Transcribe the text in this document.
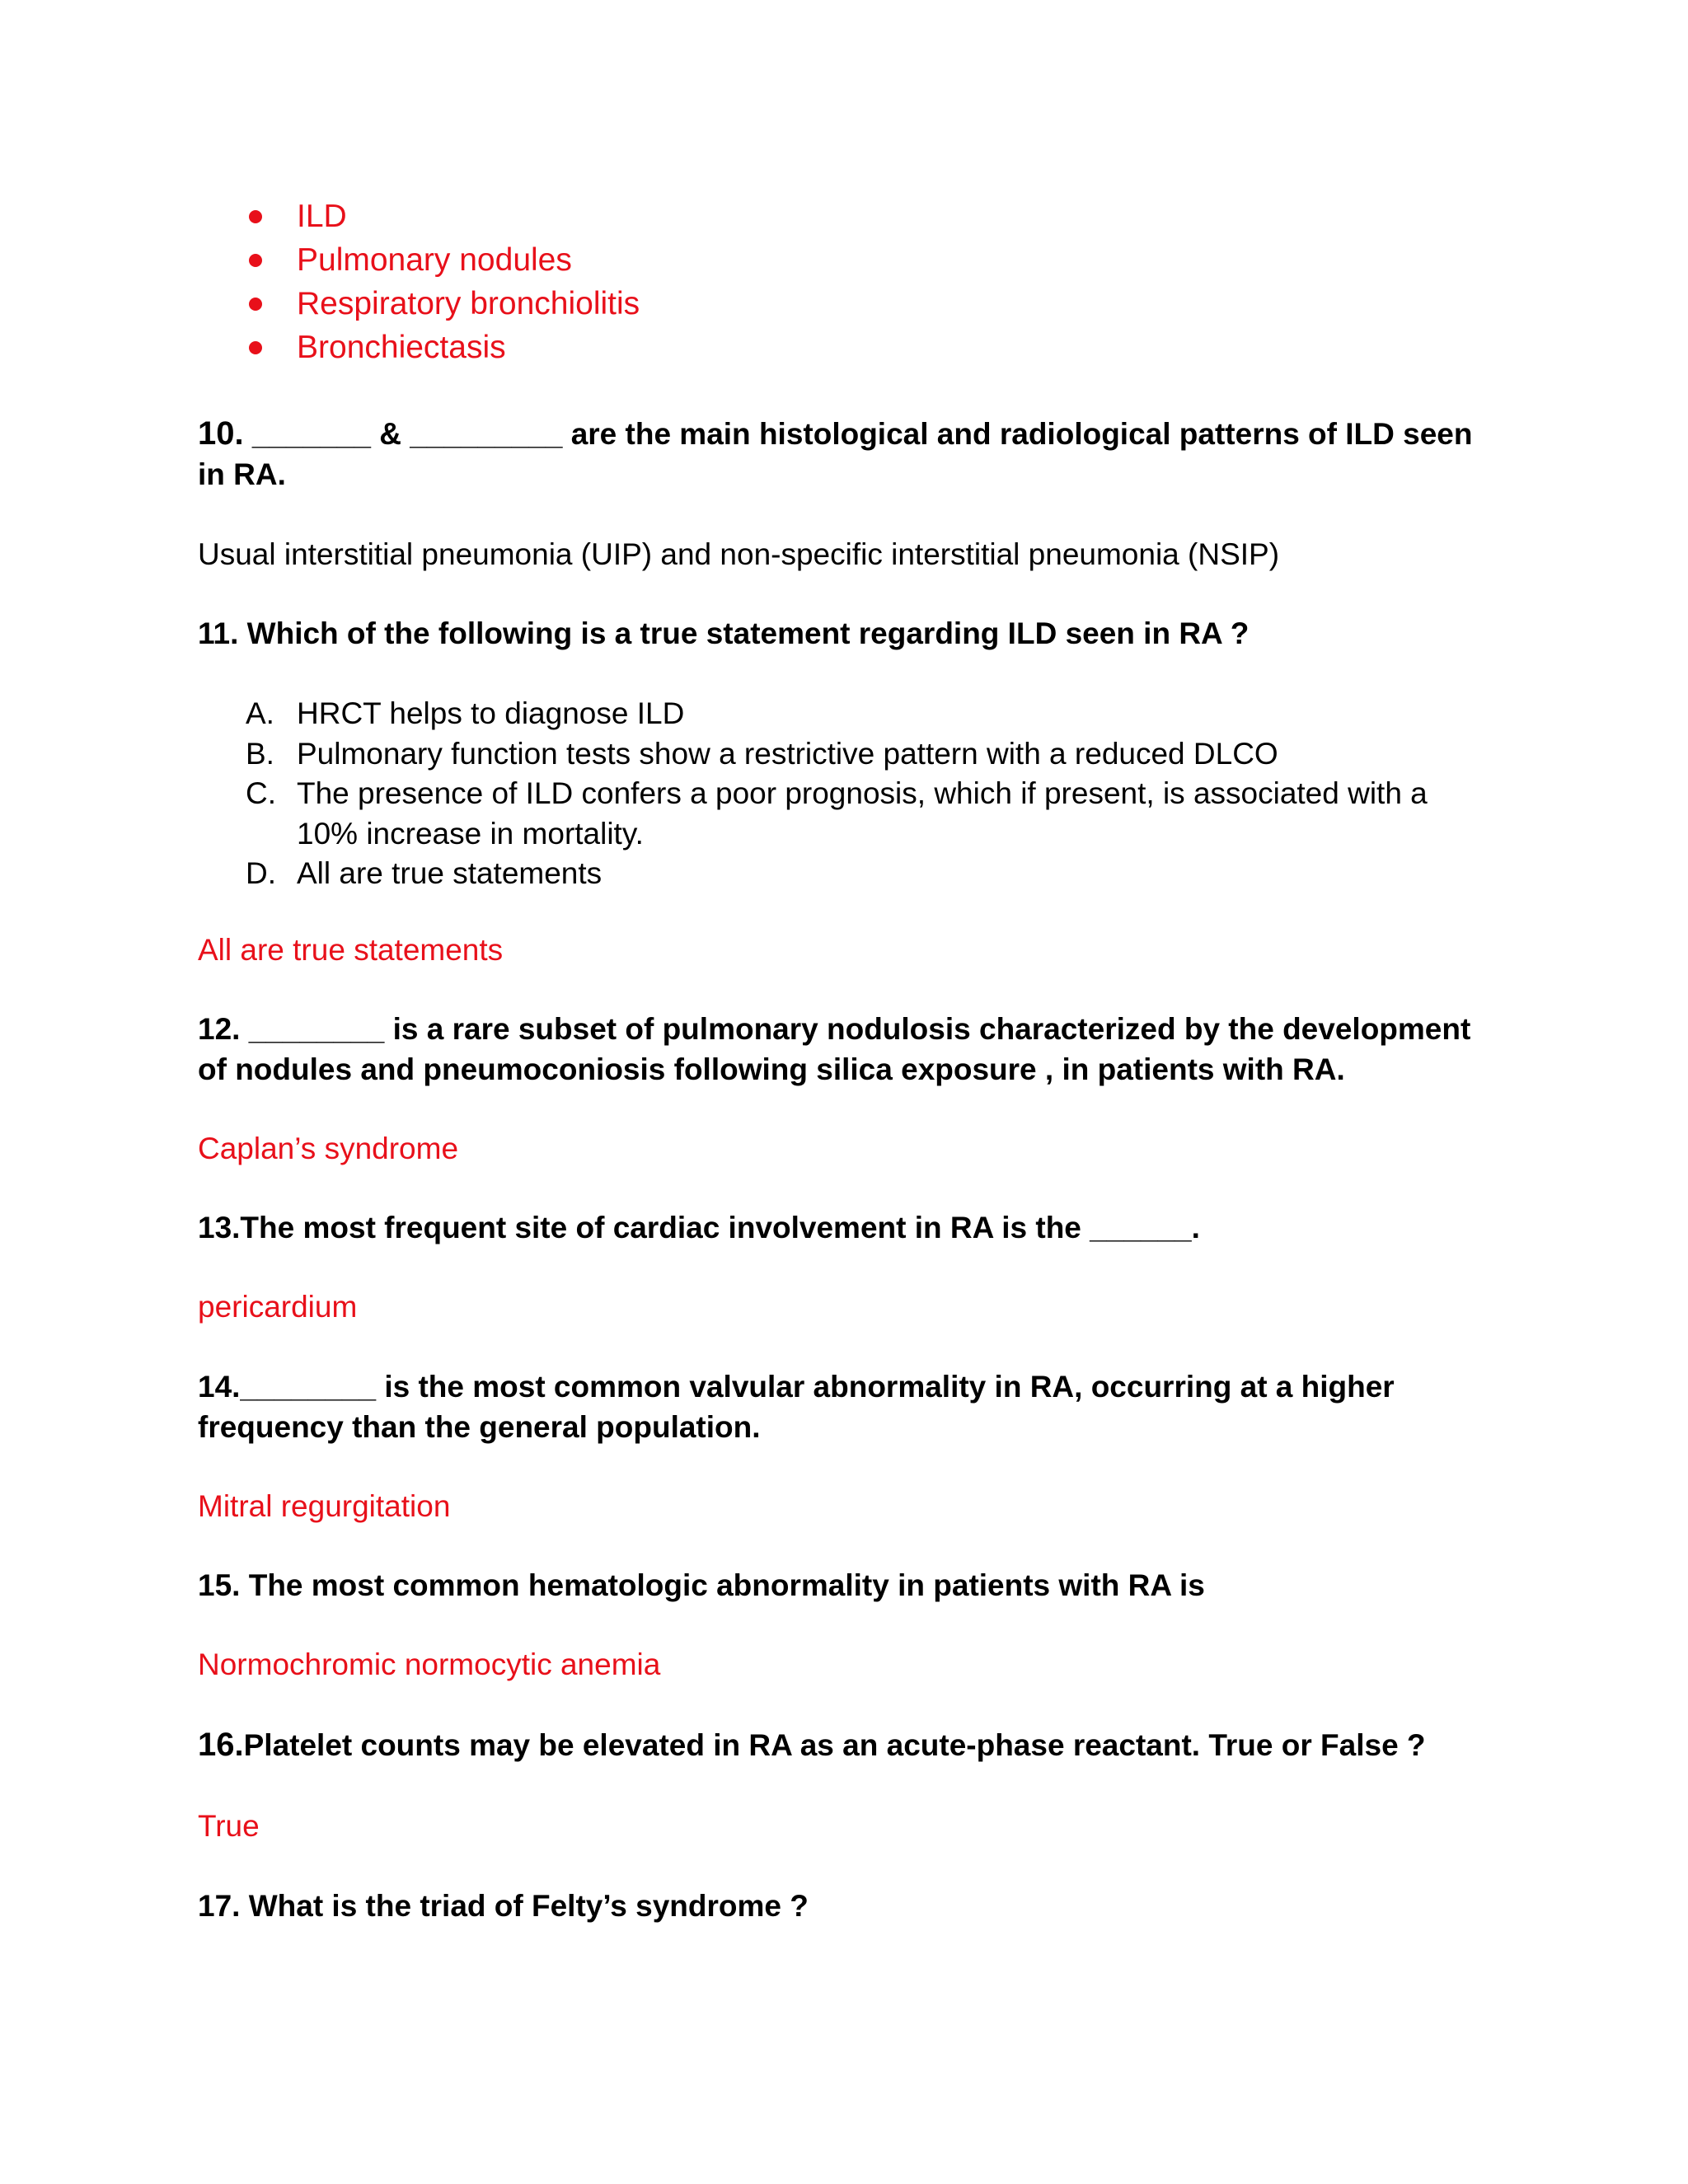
ILD
Pulmonary nodules
Respiratory bronchiolitis
Bronchiectasis

10. _______ & _________ are the main histological and radiological patterns of ILD seen in RA.

Usual interstitial pneumonia (UIP) and non-specific interstitial pneumonia (NSIP)

11. Which of the following is a true statement regarding ILD seen in RA ?

A. HRCT helps to diagnose ILD
B. Pulmonary function tests show a restrictive pattern with a reduced DLCO
C. The presence of ILD confers a poor prognosis, which if present, is associated with a 10% increase in mortality.
D. All are true statements

All are true statements

12. ________ is a rare subset of pulmonary nodulosis characterized by the development of nodules and pneumoconiosis following silica exposure , in patients with RA.

Caplan’s syndrome

13.The most frequent site of cardiac involvement in RA is the ______.

pericardium

14.________ is the most common valvular abnormality in RA, occurring at a higher frequency than the general population.

Mitral regurgitation

15. The most common hematologic abnormality in patients with RA is

Normochromic normocytic anemia

16.Platelet counts may be elevated in RA as an acute-phase reactant. True or False ?

True

17. What is the triad of Felty’s syndrome ?
